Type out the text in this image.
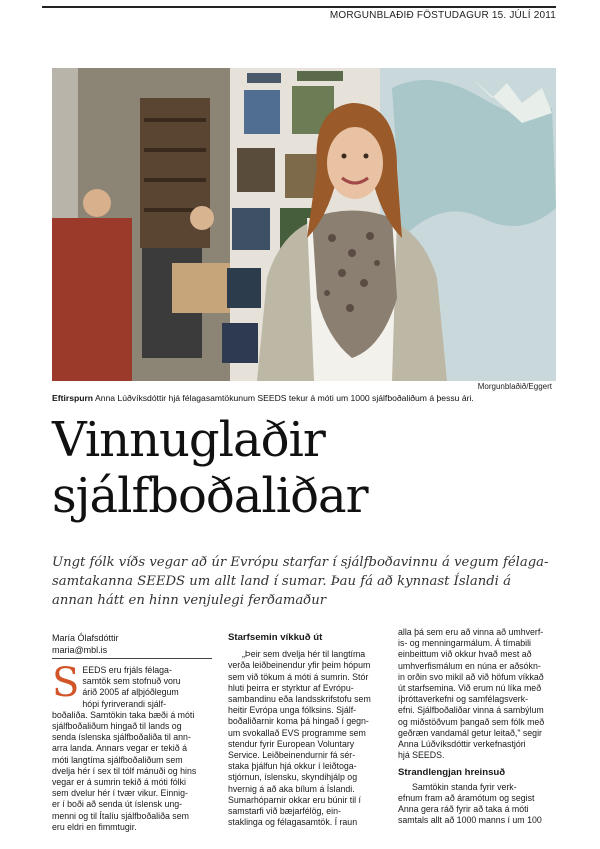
MORGUNBLAÐIÐ FÖSTUDAGUR 15. JÚLÍ 2011
Morgunblaðið/Eggert
Eftirspurn Anna Lúðvíksdóttir hjá félagasamtökunum SEEDS tekur á móti um 1000 sjálfboðaliðum á þessu ári.
Vinnuglaðir
sjálfboðaliðar
Ungt fólk víðs vegar að úr Evrópu starfar í sjálfboðavinnu á vegum félaga-
samtakanna SEEDS um allt land í sumar. Þau fá að kynnast Íslandi á
annan hátt en hinn venjulegi ferðamaður
María Ólafsdóttir
maria@mbl.is
S EEDS eru frjáls félaga-
samtök sem stofnuð voru
árið 2005 af alþjóðlegum
hópi fyrirverandi sjálf-
boðaliða. Samtökin taka bæði á móti
sjálfboðaliðum hingað til lands og
senda íslenska sjálfboðaliða til ann-
arra landa. Annars vegar er tekið á
móti langtíma sjálfboðaliðum sem
dvelja hér í sex til tólf mánuði og hins
vegar er á sumrin tekið á móti fólki
sem dvelur hér í tvær vikur. Einnig-
er í boði að senda út íslensk ung-
menni og til Ítalíu sjálfboðaliða sem
eru eldri en fimmtugir.
Starfsemin víkkuð út
„Þeir sem dvelja hér til langtíma
verða leiðbeinendur yfir þeim hópum
sem við tökum á móti á sumrin. Stór
hluti þeirra er styrktur af Evrópu-
sambandinu eða landsskrifstofu sem
heitir Evrópa unga fólksins. Sjálf-
boðaliðarnir koma þá hingað í gegn-
um svokallað EVS programme sem
stendur fyrir European Voluntary
Service. Leiðbeinendurnir fá sér-
staka þjálfun hjá okkur í leiðtoga-
stjórnun, íslensku, skyndihjálp og
hvernig á að aka bílum á Íslandi.
Sumarhóparnir okkar eru búnir til í
samstarfi við bæjarfélög, ein-
staklinga og félagasamtök. Í raun
alla þá sem eru að vinna að umhverf-
is- og menningarmálum. Á tímabili
einbeittum við okkur hvað mest að
umhverfismálum en núna er aðsókn-
in orðin svo mikil að við höfum víkkað
út starfsemina. Við erum nú líka með
íþróttaverkefni og samfélagsverk-
efni. Sjálfboðaliðar vinna á sambýlum
og miðstöðvum þangað sem fólk með
geðræn vandamál getur leitað," segir
Anna Lúðvíksdóttir verkefnastjóri
hjá SEEDS.
Strandlengjan hreinsuð
Samtökin standa fyrir verk-
efnum fram að áramótum og segist
Anna gera ráð fyrir að taka á móti
samtals allt að 1000 manns í um 100
